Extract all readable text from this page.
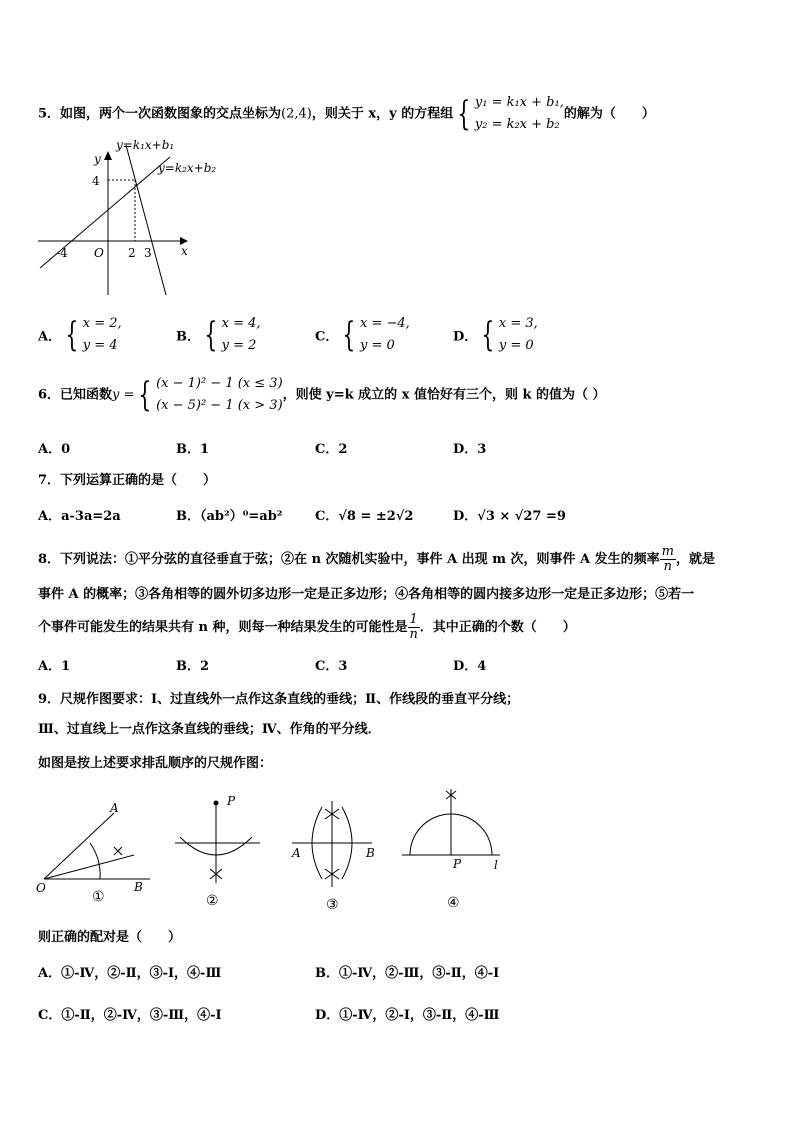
5．如图，两个一次函数图象的交点坐标为(2,4)，则关于 x，y 的方程组 { y₁ = k₁x + b₁,
y₂ = k₂x + b₂
的解为（　　）
y=k₁x+b₁
y=k₂x+b₂
y
x
O
4
-4	2 3
A． { x = 2,
y = 4
B． { x = 4,
y = 2
C． { x = −4,
y = 0
D． { x = 3,
y = 0
6．已知函数y = { (x − 1)² − 1 (x ≤ 3)
(x − 5)² − 1 (x > 3)
，则使 y=k 成立的 x 值恰好有三个，则 k 的值为（ ）
A．0	B．1	C．2	D．3
7．下列运算正确的是（　　）
A．a-3a=2a	B．（ab²）⁰=ab²	C．√8 = ±2√2	D．√3 × √27 =9
8．下列说法：①平分弦的直径垂直于弦；②在 n 次随机实验中，事件 A 出现 m 次，则事件 A 发生的频率 $\frac{m}{n}$ ，就是
事件 A 的概率；③各角相等的圆外切多边形一定是正多边形；④各角相等的圆内接多边形一定是正多边形；⑤若一
个事件可能发生的结果共有 n 种，则每一种结果发生的可能性是 $\frac{1}{n}$ ．其中正确的个数（　　）
A．1	B．2	C．3	D．4
9．尺规作图要求：Ⅰ、过直线外一点作这条直线的垂线；Ⅱ、作线段的垂直平分线；
Ⅲ、过直线上一点作这条直线的垂线；Ⅳ、作角的平分线．
如图是按上述要求排乱顺序的尺规作图：
A
O	B
①
P
②
A	B
③
P	l
④
则正确的配对是（　　）
A．①-Ⅳ，②-Ⅱ，③-Ⅰ，④-Ⅲ	B．①-Ⅳ，②-Ⅲ，③-Ⅱ，④-Ⅰ
C．①-Ⅱ，②-Ⅳ，③-Ⅲ，④-Ⅰ	D．①-Ⅳ，②-Ⅰ，③-Ⅱ，④-Ⅲ
